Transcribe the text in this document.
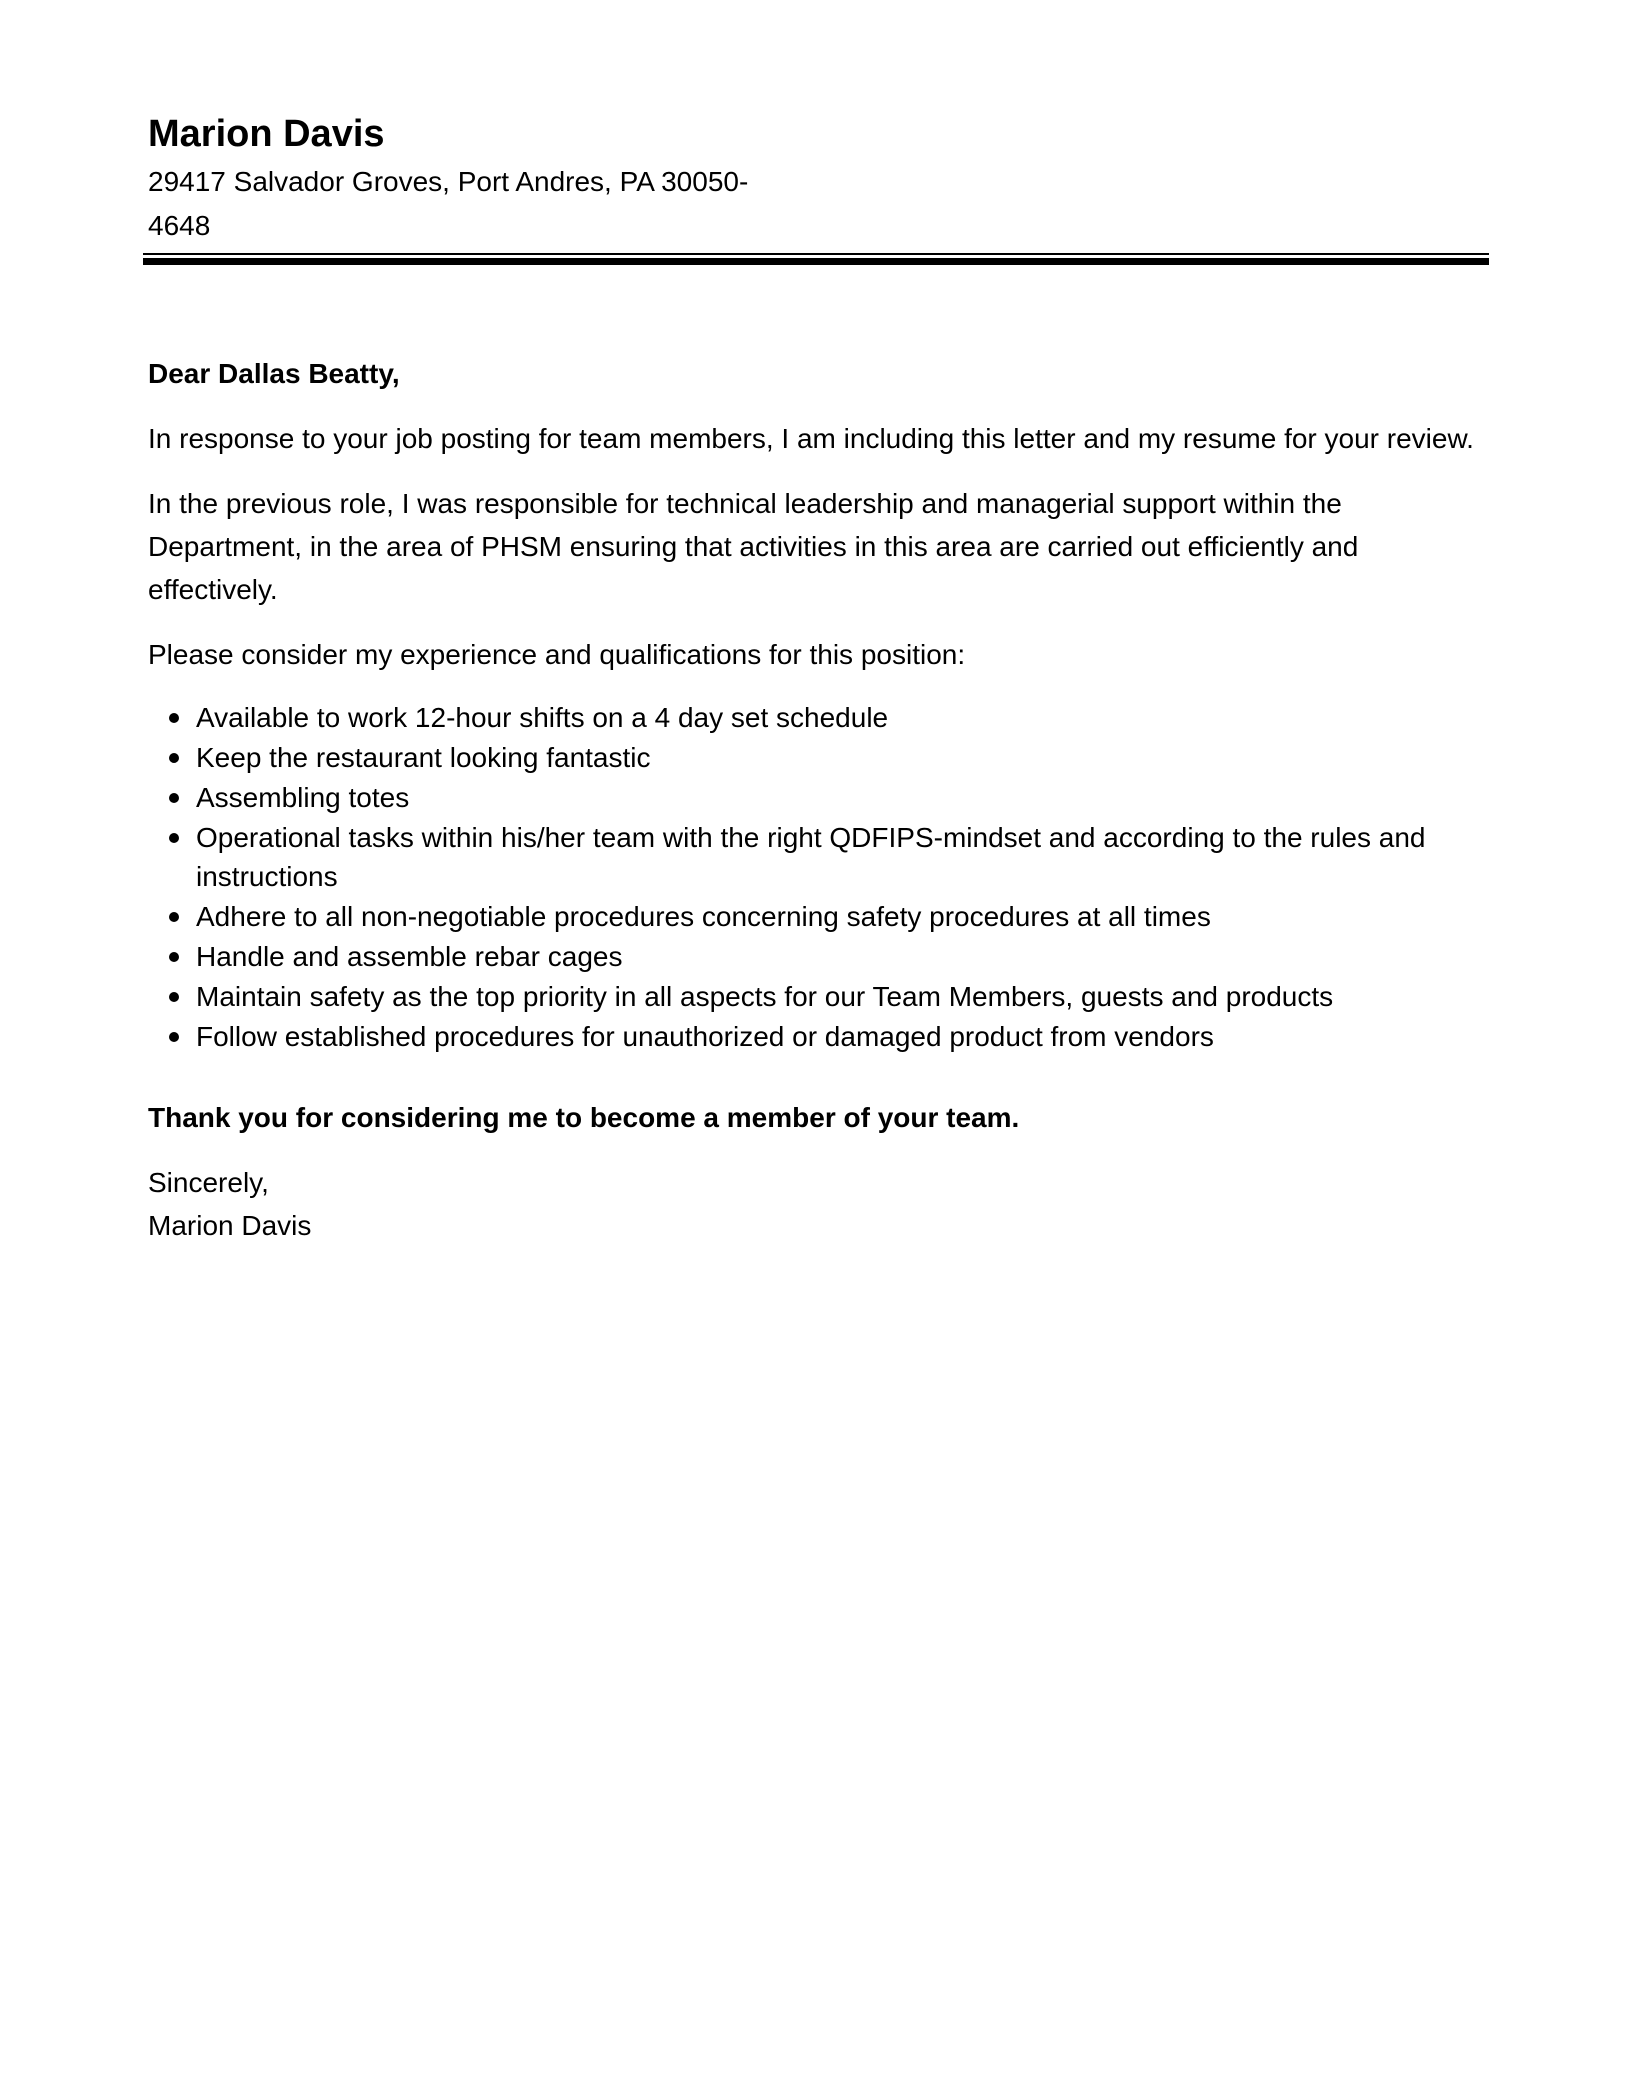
Marion Davis

29417 Salvador Groves, Port Andres, PA 30050-
4648

Dear Dallas Beatty,

In response to your job posting for team members, I am including this letter and my resume for your review.

In the previous role, I was responsible for technical leadership and managerial support within the Department, in the area of PHSM ensuring that activities in this area are carried out efficiently and effectively.

Please consider my experience and qualifications for this position:

Available to work 12-hour shifts on a 4 day set schedule
Keep the restaurant looking fantastic
Assembling totes
Operational tasks within his/her team with the right QDFIPS-mindset and according to the rules and instructions
Adhere to all non-negotiable procedures concerning safety procedures at all times
Handle and assemble rebar cages
Maintain safety as the top priority in all aspects for our Team Members, guests and products
Follow established procedures for unauthorized or damaged product from vendors

Thank you for considering me to become a member of your team.

Sincerely,
Marion Davis
